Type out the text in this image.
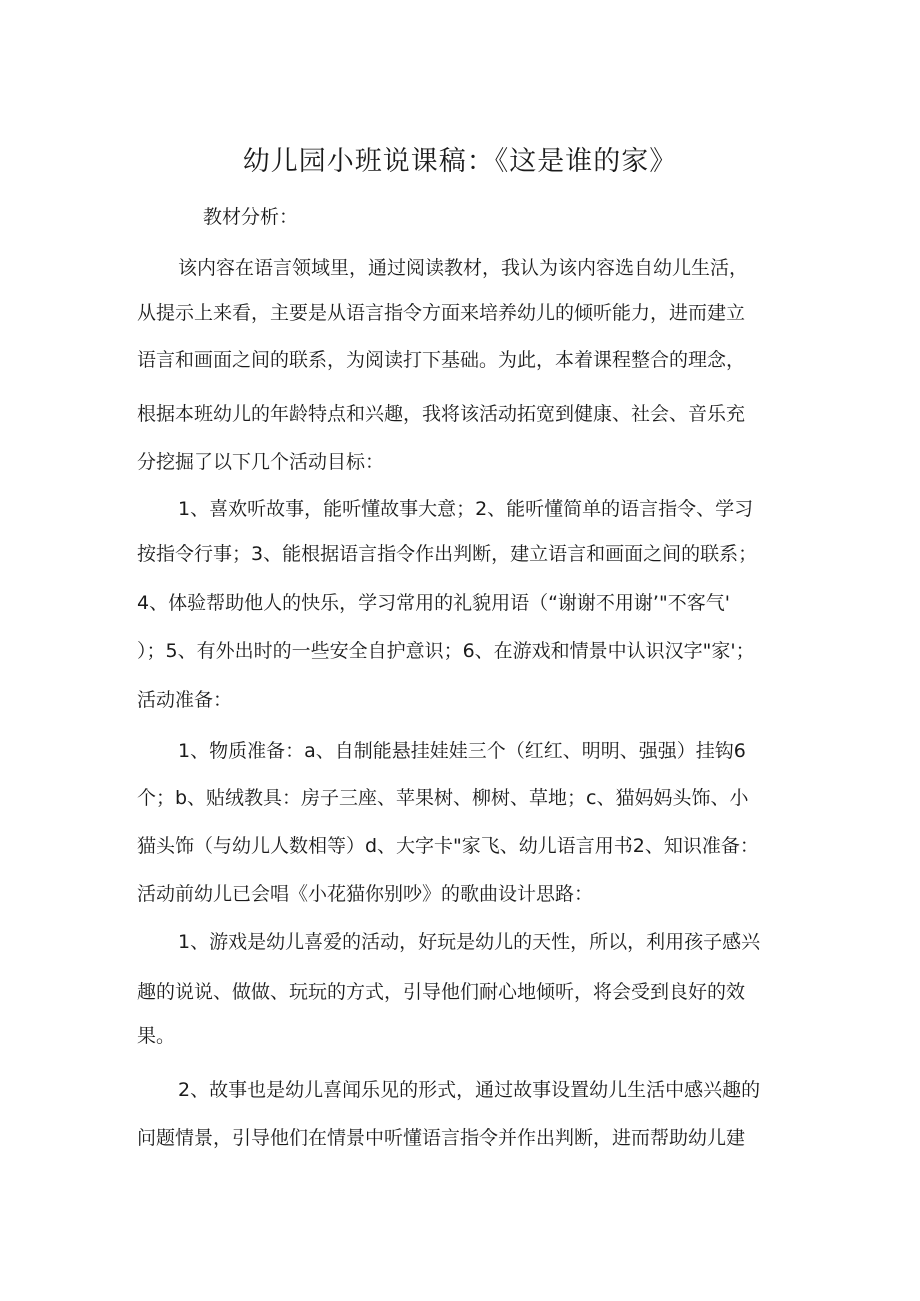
幼儿园小班说课稿：《这是谁的家》

教材分析：

该内容在语言领域里，通过阅读教材，我认为该内容选自幼儿生活，

从提示上来看，主要是从语言指令方面来培养幼儿的倾听能力，进而建立

语言和画面之间的联系，为阅读打下基础。为此，本着课程整合的理念，

根据本班幼儿的年龄特点和兴趣，我将该活动拓宽到健康、社会、音乐充

分挖掘了以下几个活动目标：

1、喜欢听故事，能听懂故事大意；2、能听懂简单的语言指令、学习

按指令行事；3、能根据语言指令作出判断，建立语言和画面之间的联系；

4、体验帮助他人的快乐，学习常用的礼貌用语（“谢谢不用谢’"不客气'

）；5、有外出时的一些安全自护意识；6、在游戏和情景中认识汉字"家'；

活动准备：

1、物质准备：a、自制能悬挂娃娃三个（红红、明明、强强）挂钩6

个；b、贴绒教具：房子三座、苹果树、柳树、草地；c、猫妈妈头饰、小

猫头饰（与幼儿人数相等）d、大字卡"家飞、幼儿语言用书2、知识准备：

活动前幼儿已会唱《小花猫你别吵》的歌曲设计思路：

1、游戏是幼儿喜爱的活动，好玩是幼儿的天性，所以，利用孩子感兴

趣的说说、做做、玩玩的方式，引导他们耐心地倾听，将会受到良好的效

果。

2、故事也是幼儿喜闻乐见的形式，通过故事设置幼儿生活中感兴趣的

问题情景，引导他们在情景中听懂语言指令并作出判断，进而帮助幼儿建
